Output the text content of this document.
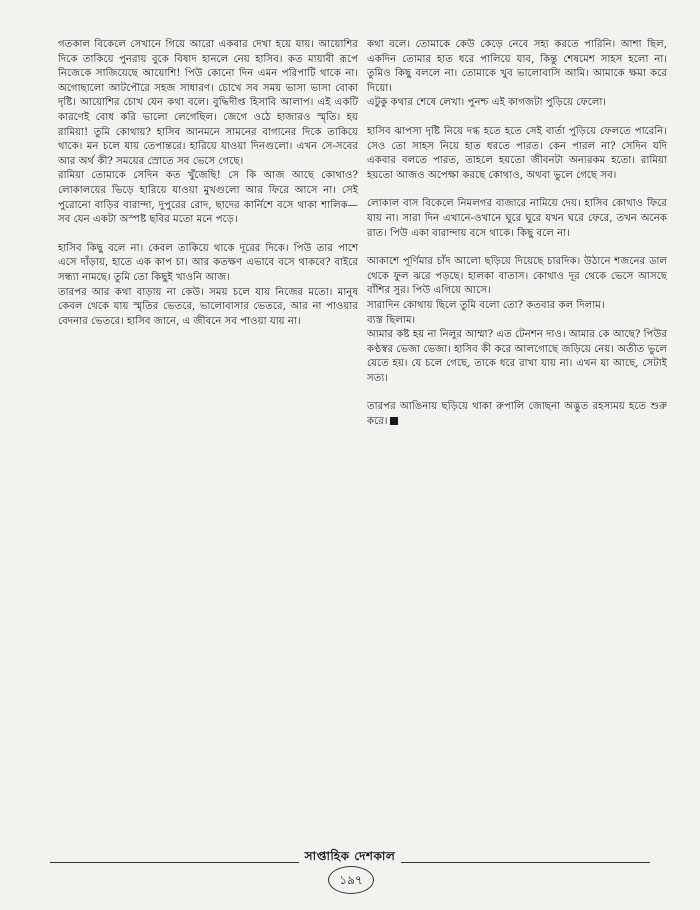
গতকাল বিকেলে সেখানে গিয়ে আরো একবার দেখা হয়ে যায়। আয়োশির দিকে তাকিয়ে পুনরায় বুকে বিষাদ হানলে নেয় হাসিব। কত মায়াবী রূপে নিজেকে সাজিয়েছে আয়োশি! পিউ কোনো দিন এমন পরিপাটি থাকে না। অগোছালো আটপৌরে সহজ সাধারণ। চোখে সব সময় ভাসা ভাসা বোকা দৃষ্টি। আয়োশির চোখ যেন কথা বলে। বুদ্ধিদীপ্ত হিসাবি আলাপ। এই একটি কারণেই বোধ করি ভালো লেগেছিল। জেগে ওঠে হাজারও স্মৃতি। হয় রামিয়া! তুমি কোথায়? হাসিব আনমনে সামনের বাগানের দিকে তাকিয়ে থাকে। মন চলে যায় তেপান্তরে। হারিয়ে যাওয়া দিনগুলো। এখন সে-সবের আর অর্থ কী? সময়ের স্রোতে সব ভেসে গেছে।

রামিয়া তোমাকে সেদিন কত খুঁজেছি! সে কি আজ আছে কোথাও? লোকালয়ের ভিড়ে হারিয়ে যাওয়া মুখগুলো আর ফিরে আসে না। সেই পুরোনো বাড়ির বারান্দা, দুপুরের রোদ, ছাদের কার্নিশে বসে থাকা শালিক—সব যেন একটা অস্পষ্ট ছবির মতো মনে পড়ে।

হাসিব কিছু বলে না। কেবল তাকিয়ে থাকে দূরের দিকে। পিউ তার পাশে এসে দাঁড়ায়, হাতে এক কাপ চা। আর কতক্ষণ এভাবে বসে থাকবে? বাইরে সন্ধ্যা নামছে। তুমি তো কিছুই খাওনি আজ।

তারপর আর কথা বাড়ায় না কেউ। সময় চলে যায় নিজের মতো। মানুষ কেবল থেকে যায় স্মৃতির ভেতরে, ভালোবাসার ভেতরে, আর না পাওয়ার বেদনার ভেতরে। হাসিব জানে, এ জীবনে সব পাওয়া যায় না।

কথা বলে। তোমাকে কেউ কেড়ে নেবে সহ্য করতে পারিনি। আশা ছিল, একদিন তোমার হাত ধরে পালিয়ে যাব, কিন্তু শেষমেশ সাহস হলো না। তুমিও কিছু বললে না। তোমাকে খুব ভালোবাসি আমি। আমাকে ক্ষমা করে দিয়ো।

এটুকু কথার শেষে লেখা। পুনশ্চ এই কাগজটা পুড়িয়ে ফেলো।

হাসিব ঝাপসা দৃষ্টি নিয়ে দগ্ধ হতে হতে সেই বার্তা পুড়িয়ে ফেলতে পারেনি। সেও তো সাহস নিয়ে হাত ধরতে পারত। কেন পারল না? সেদিন যদি একবার বলতে পারত, তাহলে হয়তো জীবনটা অন্যরকম হতো। রামিয়া হয়তো আজও অপেক্ষা করছে কোথাও, অথবা ভুলে গেছে সব।

লোকাল বাস বিকেলে নিমলগর বাজারে নামিয়ে দেয়। হাসিব কোথাও ফিরে যায় না। সারা দিন এখানে-ওখানে ঘুরে ঘুরে যখন ঘরে ফেরে, তখন অনেক রাত। পিউ একা বারান্দায় বসে থাকে। কিছু বলে না।

আকাশে পূর্ণিমার চাঁদ আলো ছড়িয়ে দিয়েছে চারদিক। উঠানে শজনের ডাল থেকে ফুল ঝরে পড়ছে। হালকা বাতাস। কোথাও দূর থেকে ভেসে আসছে বাঁশির সুর। পিউ এগিয়ে আসে।

সারাদিন কোথায় ছিলে তুমি বলো তো? কতবার কল দিলাম।

ব্যস্ত ছিলাম।

আমার কষ্ট হয় না নিলুর আম্মা? এত টেনশন দাও। আমার কে আছে? পিউর কণ্ঠস্বর ভেজা ভেজা। হাসিব কী করে আলগোছে জড়িয়ে নেয়। অতীত ভুলে যেতে হয়। যে চলে গেছে, তাকে ধরে রাখা যায় না। এখন যা আছে, সেটাই সত্য।

তারপর আঙিনায় ছড়িয়ে থাকা রুপালি জোছনা অদ্ভুত রহস্যময় হতে শুরু করে।

সাপ্তাহিক দেশকাল
১৯৭
